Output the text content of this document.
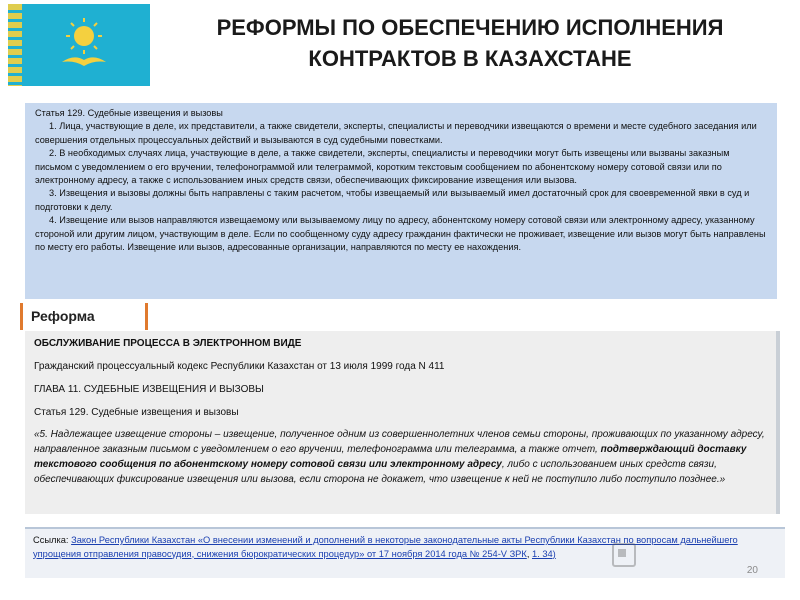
РЕФОРМЫ ПО ОБЕСПЕЧЕНИЮ ИСПОЛНЕНИЯ
КОНТРАКТОВ В КАЗАХСТАНЕ
Статья 129. Судебные извещения и вызовы

1. Лица, участвующие в деле, их представители, а также свидетели, эксперты, специалисты и переводчики извещаются о времени и месте судебного заседания или совершения отдельных процессуальных действий и вызываются в суд судебными повестками.

2. В необходимых случаях лица, участвующие в деле, а также свидетели, эксперты, специалисты и переводчики могут быть извещены или вызваны заказным письмом с уведомлением о его вручении, телефонограммой или телеграммой, коротким текстовым сообщением по абонентскому номеру сотовой связи или по электронному адресу, а также с использованием иных средств связи, обеспечивающих фиксирование извещения или вызова.

3. Извещения и вызовы должны быть направлены с таким расчетом, чтобы извещаемый или вызываемый имел достаточный срок для своевременной явки в суд и подготовки к делу.

4. Извещение или вызов направляются извещаемому или вызываемому лицу по адресу, абонентскому номеру сотовой связи или электронному адресу, указанному стороной или другим лицом, участвующим в деле. Если по сообщенному суду адресу гражданин фактически не проживает, извещение или вызов могут быть направлены по месту его работы. Извещение или вызов, адресованные организации, направляются по месту ее нахождения.

Реформа
ОБСЛУЖИВАНИЕ ПРОЦЕССА В ЭЛЕКТРОННОМ ВИДЕ
Гражданский процессуальный кодекс Республики Казахстан от 13 июля 1999 года N 411
ГЛАВА 11. СУДЕБНЫЕ ИЗВЕЩЕНИЯ И ВЫЗОВЫ
Статья 129. Судебные извещения и вызовы
«5. Надлежащее извещение стороны – извещение, полученное одним из совершеннолетних членов семьи стороны, проживающих по указанному адресу, направленное заказным письмом с уведомлением о его вручении, телефонограмма или телеграмма, а также отчет, подтверждающий доставку текстового сообщения по абонентскому номеру сотовой связи или электронному адресу, либо с использованием иных средств связи, обеспечивающих фиксирование извещения или вызова, если сторона не докажет, что извещение к ней не поступило либо поступило позднее.»
Ссылка: Закон Республики Казахстан «О внесении изменений и дополнений в некоторые законодательные акты Республики Казахстан по вопросам дальнейшего упрощения отправления правосудия, снижения бюрократических процедур» от 17 ноября 2014 года № 254-V ЗРК, 1. 34)
20
